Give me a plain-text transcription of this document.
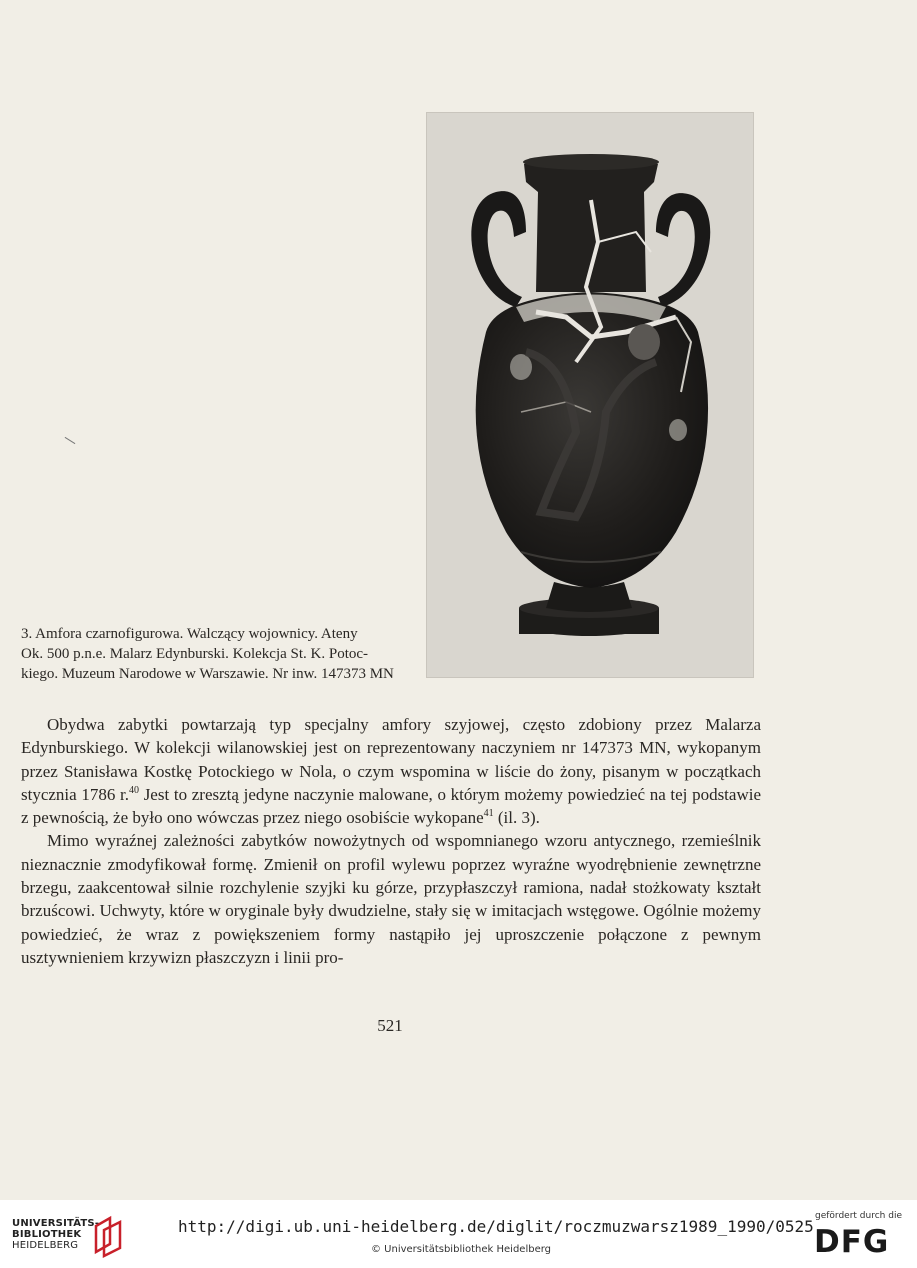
3. Amfora czarnofigurowa. Walczący wojownicy. Ateny
Ok. 500 p.n.e. Malarz Edynburski. Kolekcja St. K. Potoc-
kiego. Muzeum Narodowe w Warszawie. Nr inw. 147373 MN

Obydwa zabytki powtarzają typ specjalny amfory szyjowej, często zdobiony przez Malarza Edynburskiego. W kolekcji wilanowskiej jest on reprezentowany naczyniem nr 147373 MN, wykopanym przez Stanisława Kostkę Potockiego w Nola, o czym wspomina w liście do żony, pisanym w początkach stycznia 1786 r.$^{40}$ Jest to zresztą jedyne naczynie malowane, o którym możemy powiedzieć na tej podstawie z pewnością, że było ono wówczas przez niego osobiście wykopane$^{41}$ (il. 3).

Mimo wyraźnej zależności zabytków nowożytnych od wspomnianego wzoru antycznego, rzemieślnik nieznacznie zmodyfikował formę. Zmienił on profil wylewu poprzez wyraźne wyodrębnienie zewnętrzne brzegu, zaakcentował silnie rozchylenie szyjki ku górze, przypłaszczył ramiona, nadał stożkowaty kształt brzuścowi. Uchwyty, które w oryginale były dwudzielne, stały się w imitacjach wstęgowe. Ogólnie możemy powiedzieć, że wraz z powiększeniem formy nastąpiło jej uproszczenie połączone z pewnym usztywnieniem krzywizn płaszczyzn i linii pro-

521
UNIVERSITÄTS-
BIBLIOTHEK
HEIDELBERG
http://digi.ub.uni-heidelberg.de/diglit/roczmuzwarsz1989_1990/0525
© Universitätsbibliothek Heidelberg
gefördert durch die
DFG
